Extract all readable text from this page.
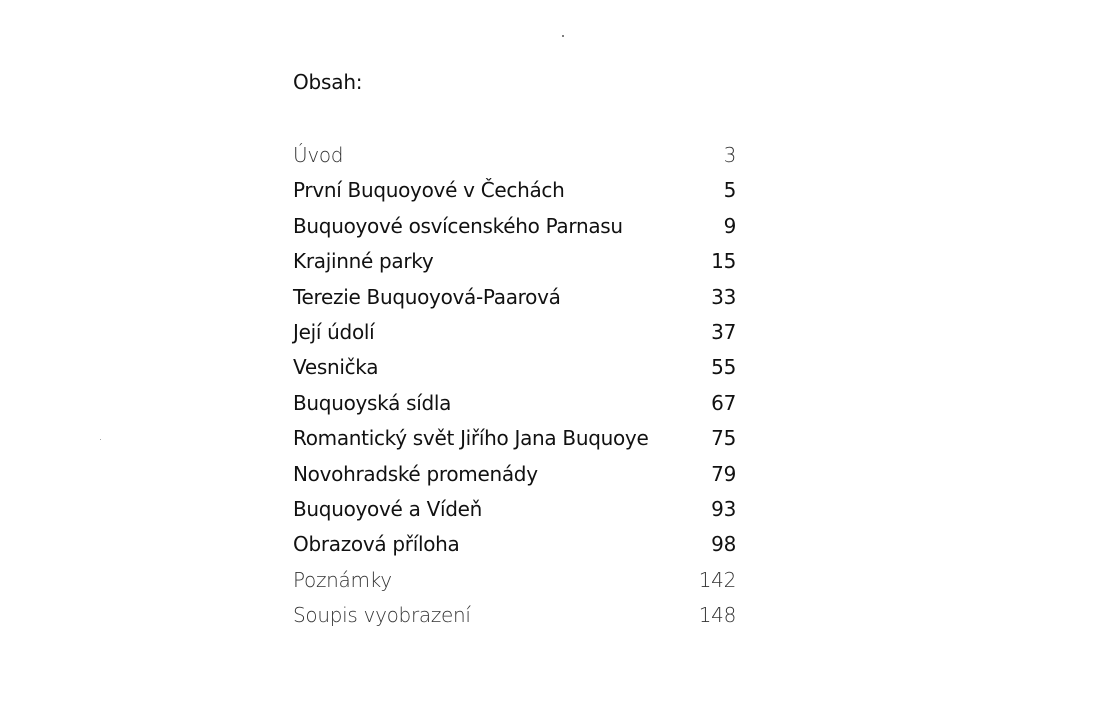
Obsah:
Úvod	3
První Buquoyové v Čechách	5
Buquoyové osvícenského Parnasu	9
Krajinné parky	15
Terezie Buquoyová-Paarová	33
Její údolí	37
Vesnička	55
Buquoyská sídla	67
Romantický svět Jiřího Jana Buquoye	75
Novohradské promenády	79
Buquoyové a Vídeň	93
Obrazová příloha	98
Poznámky	142
Soupis vyobrazení	148
